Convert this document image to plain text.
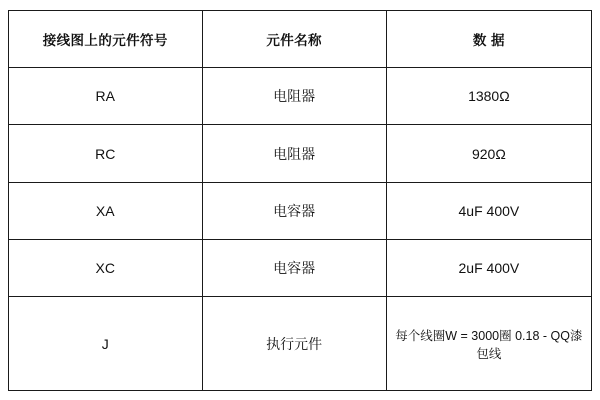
接线图上的元件符号	元件名称	数 据
RA	电阻器	1380Ω
RC	电阻器	920Ω
XA	电容器	4uF 400V
XC	电容器	2uF 400V
J	执行元件	每个线圈W = 3000圈 0.18 - QQ漆包线
